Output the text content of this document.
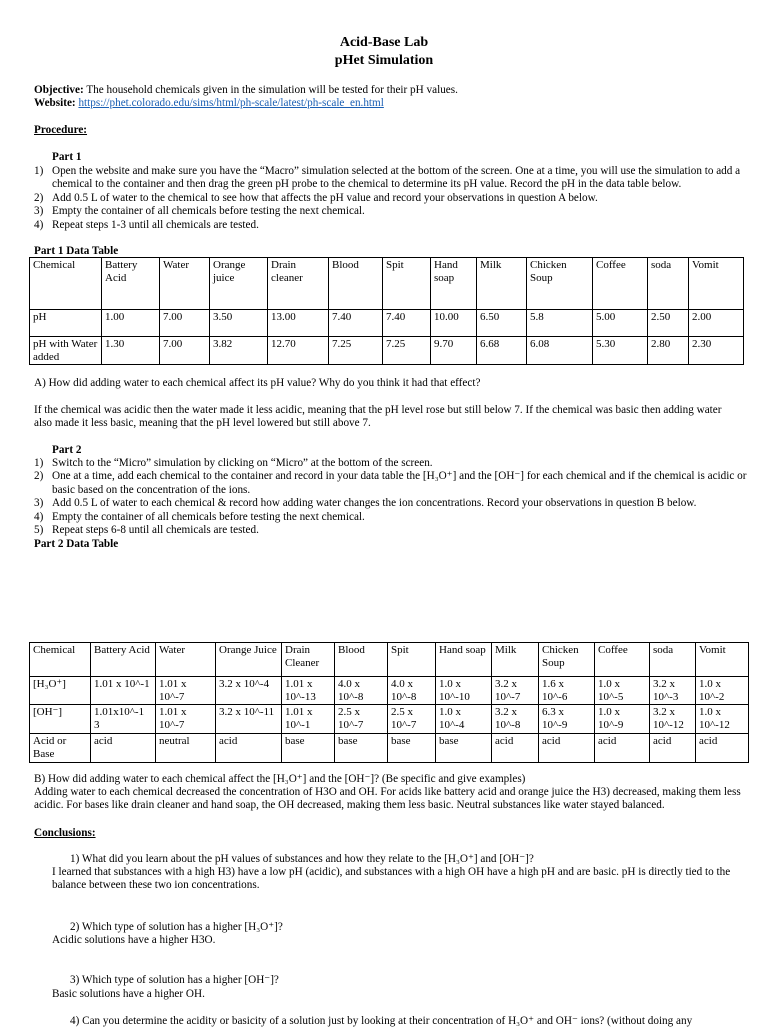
Acid-Base Lab
pHet Simulation
Objective: The household chemicals given in the simulation will be tested for their pH values.
Website: https://phet.colorado.edu/sims/html/ph-scale/latest/ph-scale_en.html
Procedure:
Part 1
1) Open the website and make sure you have the “Macro” simulation selected at the bottom of the screen. One at a time, you will use the simulation to add a chemical to the container and then drag the green pH probe to the chemical to determine its pH value. Record the pH in the data table below.
2) Add 0.5 L of water to the chemical to see how that affects the pH value and record your observations in question A below.
3) Empty the container of all chemicals before testing the next chemical.
4) Repeat steps 1-3 until all chemicals are tested.
Part 1 Data Table
Chemical	Battery Acid	Water	Orange juice	Drain cleaner	Blood	Spit	Hand soap	Milk	Chicken Soup	Coffee	soda	Vomit
pH	1.00	7.00	3.50	13.00	7.40	7.40	10.00	6.50	5.8	5.00	2.50	2.00
pH with Water added	1.30	7.00	3.82	12.70	7.25	7.25	9.70	6.68	6.08	5.30	2.80	2.30
A) How did adding water to each chemical affect its pH value? Why do you think it had that effect?
If the chemical was acidic then the water made it less acidic, meaning that the pH level rose but still below 7. If the chemical was basic then adding water also made it less basic, meaning that the pH level lowered but still above 7.
Part 2
1) Switch to the “Micro” simulation by clicking on “Micro” at the bottom of the screen.
2) One at a time, add each chemical to the container and record in your data table the [H₃O⁺] and the [OH⁻] for each chemical and if the chemical is acidic or basic based on the concentration of the ions.
3) Add 0.5 L of water to each chemical & record how adding water changes the ion concentrations. Record your observations in question B below.
4) Empty the container of all chemicals before testing the next chemical.
5) Repeat steps 6-8 until all chemicals are tested.
Part 2 Data Table
Chemical	Battery Acid	Water	Orange Juice	Drain Cleaner	Blood	Spit	Hand soap	Milk	Chicken Soup	Coffee	soda	Vomit
[H₃O⁺]	1.01 x 10^-1	1.01 x 10^-7	3.2 x 10^-4	1.01 x 10^-13	4.0 x 10^-8	4.0 x 10^-8	1.0 x 10^-10	3.2 x 10^-7	1.6 x 10^-6	1.0 x 10^-5	3.2 x 10^-3	1.0 x 10^-2
[OH⁻]	1.01x10^-1 3	1.01 x 10^-7	3.2 x 10^-11	1.01 x 10^-1	2.5 x 10^-7	2.5 x 10^-7	1.0 x 10^-4	3.2 x 10^-8	6.3 x 10^-9	1.0 x 10^-9	3.2 x 10^-12	1.0 x 10^-12
Acid or Base	acid	neutral	acid	base	base	base	base	acid	acid	acid	acid	acid
B) How did adding water to each chemical affect the [H₃O⁺] and the [OH⁻]? (Be specific and give examples)
Adding water to each chemical decreased the concentration of H3O and OH. For acids like battery acid and orange juice the H3) decreased, making them less acidic. For bases like drain cleaner and hand soap, the OH decreased, making them less basic. Neutral substances like water stayed balanced.
Conclusions:
1) What did you learn about the pH values of substances and how they relate to the [H₃O⁺] and [OH⁻]?
I learned that substances with a high H3) have a low pH (acidic), and substances with a high OH have a high pH and are basic. pH is directly tied to the balance between these two ion concentrations.
2) Which type of solution has a higher [H₃O⁺]?
Acidic solutions have a higher H3O.
3) Which type of solution has a higher [OH⁻]?
Basic solutions have a higher OH.
4) Can you determine the acidity or basicity of a solution just by looking at their concentration of H₃O⁺ and OH⁻ ions? (without doing any
